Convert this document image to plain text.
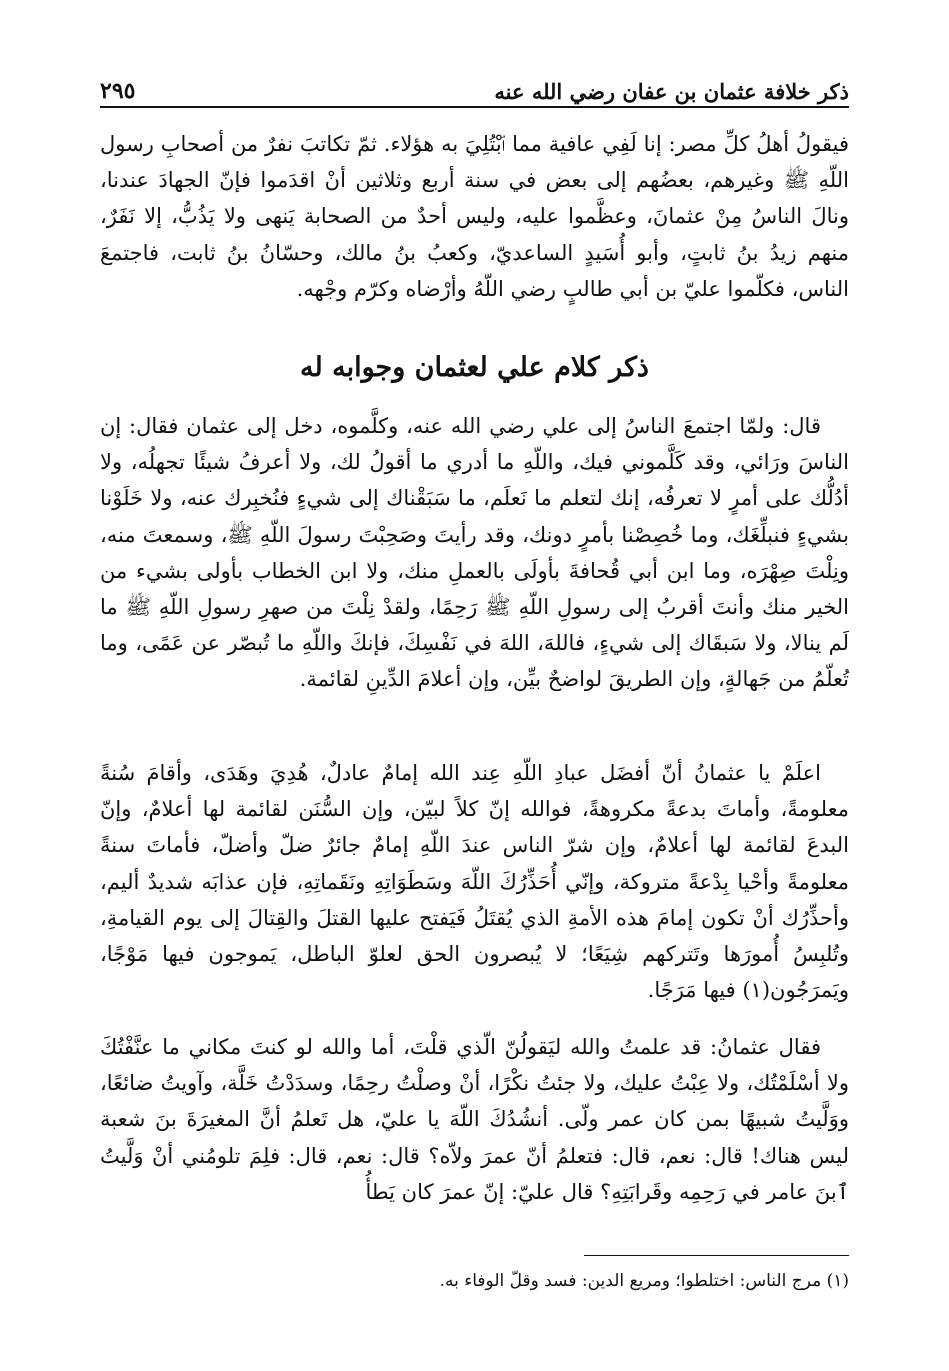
ذكر خلافة عثمان بن عفان رضي الله عنه
٢٩٥

فيقولُ أهلُ كلِّ مصر: إنا لَفِي عافية مما ٱبْتُلِيَ به هؤلاء. ثمّ تكاتبَ نفرٌ من أصحابِ رسول اللّهِ ﷺ وغيرهم، بعضُهم إلى بعض في سنة أربع وثلاثين أنْ اقدَموا فإنّ الجهادَ عندنا، ونالَ الناسُ مِنْ عثمانَ، وعظَّموا عليه، وليس أحدٌ من الصحابة يَنهى ولا يَذُبُّ، إلا نَفَرٌ، منهم زيدُ بنُ ثابتٍ، وأبو أُسَيدٍ الساعديّ، وكعبُ بنُ مالك، وحسّانُ بنُ ثابت، فاجتمعَ الناس، فكلّموا عليّ بن أبي طالبٍ رضي اللّهُ وأرْضاه وكرّم وجْهه.

ذكر كلام علي لعثمان وجوابه له

قال: ولمّا اجتمعَ الناسُ إلى علي رضي الله عنه، وكلَّموه، دخل إلى عثمان فقال: إن الناسَ ورَائي، وقد كَلَّموني فيك، واللّهِ ما أدري ما أقولُ لك، ولا أعرفُ شيئًا تجهلُه، ولا أدُلُّك على أمرٍ لا تعرفُه، إنك لتعلم ما نَعلَم، ما سَبَقْناك إلى شيءٍ فنُخبِرك عنه، ولا خَلَوْنا بشيءٍ فنبلِّغَك، وما خُصِصْنا بأمرٍ دونك، وقد رأيتَ وصَحِبْتَ رسولَ اللّهِ ﷺ، وسمعتَ منه، ونِلْتَ صِهْرَه، وما ابن أبي قُحافةَ بأولَى بالعملِ منك، ولا ابن الخطاب بأولى بشيء من الخير منك وأنتَ أقربُ إلى رسولِ اللّهِ ﷺ رَحِمًا، ولقدْ نِلْتَ من صهرِ رسولِ اللّهِ ﷺ ما لَم ينالا، ولا سَبقَاك إلى شيءٍ، فاللهَ، اللهَ في نَفْسِكَ، فإنكَ واللّهِ ما تُبصّر عن عَمًى، وما تُعلّمُ من جَهالةٍ، وإن الطريقَ لواضحٌ بيِّن، وإن أعلامَ الدِّينِ لقائمة.

اعلَمْ يا عثمانُ أنّ أفضَل عبادِ اللّهِ عِند الله إمامٌ عادلٌ، هُدِيَ وهَدَى، وأقامَ سُنةً معلومةً، وأماتَ بدعةً مكروهةً، فوالله إنّ كلاً لبيّن، وإن السُّنَن لقائمة لها أعلامٌ، وإنّ البدعَ لقائمة لها أعلامٌ، وإن شرّ الناس عندَ اللّهِ إمامٌ جائرٌ ضلّ وأضلّ، فأماتَ سنةً معلومةً وأحْيا بِدْعةً متروكة، وإنّي أُحَذِّرُكَ اللّهَ وسَطَوَاتِهِ ونَقَماتِهِ، فإن عذابَه شديدٌ أليم، وأحذِّرُك أنْ تكون إمامَ هذه الأمةِ الذي يُقتَلُ فَيَفتح عليها القتلَ والقِتالَ إلى يوم القيامةِ، وتُلبِسُ أُمورَها وتَتركهم شِيَعًا؛ لا يُبصرون الحق لعلوّ الباطل، يَموجون فيها مَوْجًا، ويَمرَجُون(١) فيها مَرَجًا.

فقال عثمانُ: قد علمتُ والله ليَقولُنّ الّذي قلْتَ، أما والله لو كنتَ مكاني ما عنَّفْتُكَ ولا أسْلَمْتُك، ولا عِبْتُ عليك، ولا جئتُ نكْرًا، أنْ وصلْتُ رحِمًا، وسدَدْتُ خَلَّة، وآويتُ ضائعًا، ووَلَّيتُ شبيهًا بمن كان عمر ولّى. أنشُدُكَ اللّهَ يا عليّ، هل تَعلمُ أنَّ المغيرَةَ بنَ شعبة ليس هناك! قال: نعم، قال: فتعلمُ أنّ عمرَ ولاّه؟ قال: نعم، قال: فلِمَ تلومُني أنْ وَلَّيتُ ٱبنَ عامر في رَحِمِه وقَرابَتِهِ؟ قال عليّ: إنّ عمرَ كان يَطأُ

(١) مرج الناس: اختلطوا؛ ومريع الدين: فسد وقلّ الوفاء به.
